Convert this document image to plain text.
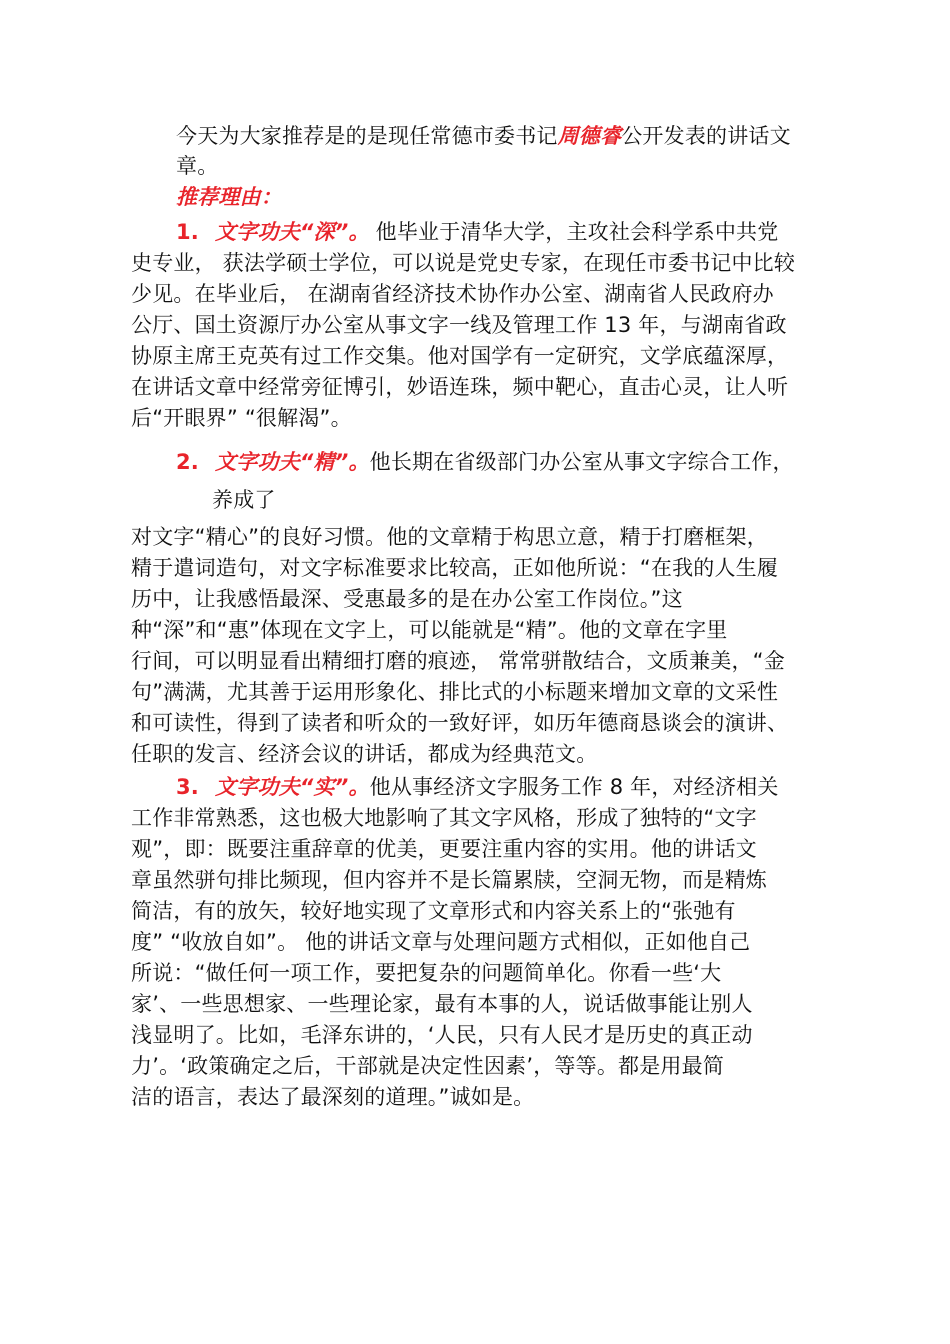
今天为大家推荐是的是现任常德市委书记周德睿公开发表的讲话文
章。
推荐理由：
1. 文字功夫“深”。 他毕业于清华大学，主攻社会科学系中共党
史专业， 获法学硕士学位，可以说是党史专家，在现任市委书记中比较
少见。在毕业后， 在湖南省经济技术协作办公室、湖南省人民政府办
公厅、国土资源厅办公室从事文字一线及管理工作 13 年，与湖南省政
协原主席王克英有过工作交集。他对国学有一定研究，文学底蕴深厚，
在讲话文章中经常旁征博引，妙语连珠，频中靶心，直击心灵，让人听
后“开眼界” “很解渴”。
2. 文字功夫“精”。他长期在省级部门办公室从事文字综合工作，
养成了
对文字“精心”的良好习惯。他的文章精于构思立意，精于打磨框架，
精于遣词造句，对文字标准要求比较高，正如他所说：“在我的人生履
历中，让我感悟最深、受惠最多的是在办公室工作岗位。”这
种“深”和“惠”体现在文字上，可以能就是“精”。他的文章在字里
行间，可以明显看出精细打磨的痕迹， 常常骈散结合，文质兼美，“金
句”满满，尤其善于运用形象化、排比式的小标题来增加文章的文采性
和可读性，得到了读者和听众的一致好评，如历年德商恳谈会的演讲、
任职的发言、经济会议的讲话，都成为经典范文。
3. 文字功夫“实”。他从事经济文字服务工作 8 年，对经济相关
工作非常熟悉，这也极大地影响了其文字风格，形成了独特的“文字
观”，即：既要注重辞章的优美，更要注重内容的实用。他的讲话文
章虽然骈句排比频现，但内容并不是长篇累牍，空洞无物，而是精炼
简洁，有的放矢，较好地实现了文章形式和内容关系上的“张弛有
度” “收放自如”。 他的讲话文章与处理问题方式相似，正如他自己
所说：“做任何一项工作，要把复杂的问题简单化。你看一些‘大
家’、一些思想家、一些理论家，最有本事的人，说话做事能让别人
浅显明了。比如，毛泽东讲的，‘人民，只有人民才是历史的真正动
力’。‘政策确定之后，干部就是决定性因素’，等等。都是用最简
洁的语言，表达了最深刻的道理。”诚如是。
